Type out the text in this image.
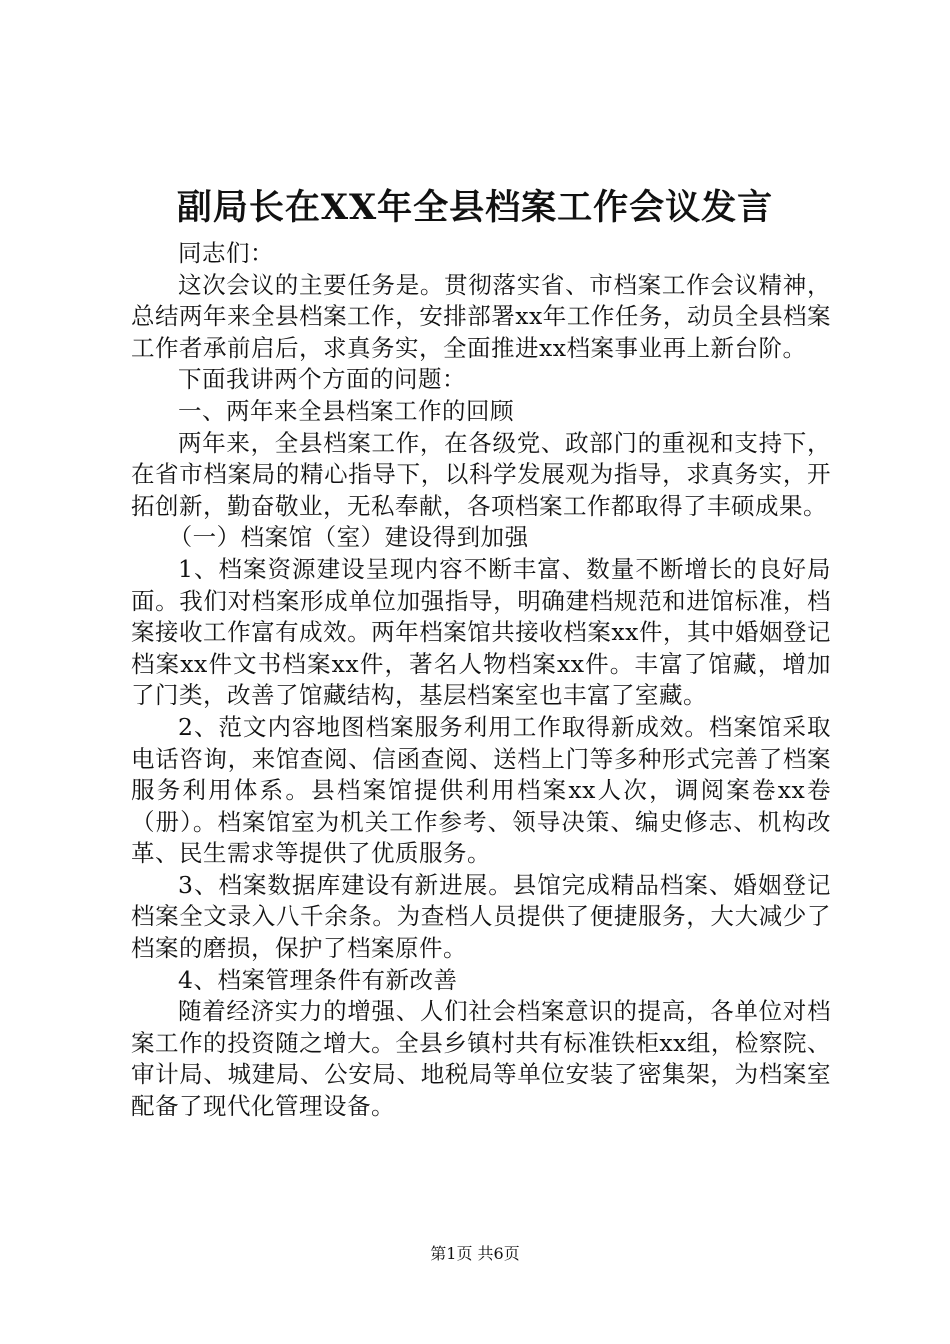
副局长在XX年全县档案工作会议发言

同志们：

这次会议的主要任务是。贯彻落实省、市档案工作会议精神，总结两年来全县档案工作，安排部署xx年工作任务，动员全县档案工作者承前启后，求真务实，全面推进xx档案事业再上新台阶。

下面我讲两个方面的问题：

一、两年来全县档案工作的回顾

两年来，全县档案工作，在各级党、政部门的重视和支持下，在省市档案局的精心指导下，以科学发展观为指导，求真务实，开拓创新，勤奋敬业，无私奉献，各项档案工作都取得了丰硕成果。

（一）档案馆（室）建设得到加强

1、档案资源建设呈现内容不断丰富、数量不断增长的良好局面。我们对档案形成单位加强指导，明确建档规范和进馆标准，档案接收工作富有成效。两年档案馆共接收档案xx件，其中婚姻登记档案xx件文书档案xx件，著名人物档案xx件。丰富了馆藏，增加了门类，改善了馆藏结构，基层档案室也丰富了室藏。

2、范文内容地图档案服务利用工作取得新成效。档案馆采取电话咨询，来馆查阅、信函查阅、送档上门等多种形式完善了档案服务利用体系。县档案馆提供利用档案xx人次，调阅案卷xx卷（册）。档案馆室为机关工作参考、领导决策、编史修志、机构改革、民生需求等提供了优质服务。

3、档案数据库建设有新进展。县馆完成精品档案、婚姻登记档案全文录入八千余条。为查档人员提供了便捷服务，大大减少了档案的磨损，保护了档案原件。

4、档案管理条件有新改善

随着经济实力的增强、人们社会档案意识的提高，各单位对档案工作的投资随之增大。全县乡镇村共有标准铁柜xx组，检察院、审计局、城建局、公安局、地税局等单位安装了密集架，为档案室配备了现代化管理设备。

第1页 共6页
